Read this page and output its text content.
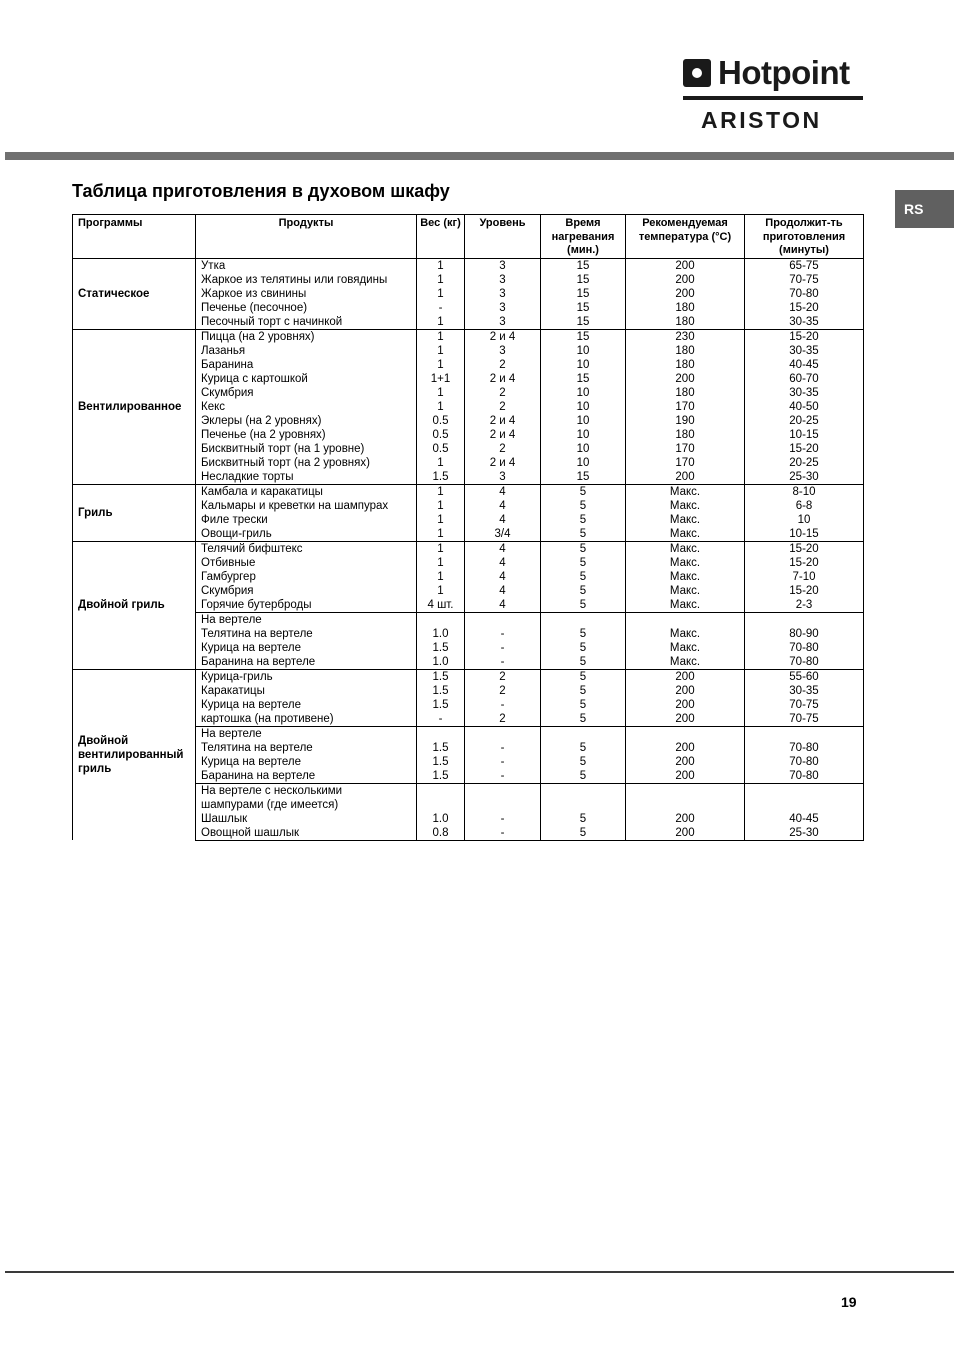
Hotpoint
ARISTON
RS
Таблица приготовления в духовом шкафу
Программы	Продукты	Вес (кг)	Уровень	Время нагревания (мин.)	Рекомендуемая температура (°C)	Продолжит-ть приготовления (минуты)
Статическое	Утка	1	3	15	200	65-75
	Жаркое из телятины или говядины	1	3	15	200	70-75
	Жаркое из свинины	1	3	15	200	70-80
	Печенье (песочное)	-	3	15	180	15-20
	Песочный торт с начинкой	1	3	15	180	30-35
Вентилированное	Пицца (на 2 уровнях)	1	2 и 4	15	230	15-20
	Лазанья	1	3	10	180	30-35
	Баранина	1	2	10	180	40-45
	Курица с картошкой	1+1	2 и 4	15	200	60-70
	Скумбрия	1	2	10	180	30-35
	Кекс	1	2	10	170	40-50
	Эклеры (на 2 уровнях)	0.5	2 и 4	10	190	20-25
	Печенье (на 2 уровнях)	0.5	2 и 4	10	180	10-15
	Бисквитный торт (на 1 уровне)	0.5	2	10	170	15-20
	Бисквитный торт (на 2 уровнях)	1	2 и 4	10	170	20-25
	Несладкие торты	1.5	3	15	200	25-30
Гриль	Камбала и каракатицы	1	4	5	Макс.	8-10
	Кальмары и креветки на шампурах	1	4	5	Макс.	6-8
	Филе трески	1	4	5	Макс.	10
	Овощи-гриль	1	3/4	5	Макс.	10-15
Двойной гриль	Телячий бифштекс	1	4	5	Макс.	15-20
	Отбивные	1	4	5	Макс.	15-20
	Гамбургер	1	4	5	Макс.	7-10
	Скумбрия	1	4	5	Макс.	15-20
	Горячие бутерброды	4 шт.	4	5	Макс.	2-3
	На вертеле					
	Телятина на вертеле	1.0	-	5	Макс.	80-90
	Курица на вертеле	1.5	-	5	Макс.	70-80
	Баранина на вертеле	1.0	-	5	Макс.	70-80
Двойной вентилированный гриль	Курица-гриль	1.5	2	5	200	55-60
	Каракатицы	1.5	2	5	200	30-35
	Курица на вертеле	1.5	-	5	200	70-75
	картошка (на противене)	-	2	5	200	70-75
	На вертеле					
	Телятина на вертеле	1.5	-	5	200	70-80
	Курица на вертеле	1.5	-	5	200	70-80
	Баранина на вертеле	1.5	-	5	200	70-80
	На вертеле с несколькими					
	шампурами (где имеется)					
	Шашлык	1.0	-	5	200	40-45
	Овощной шашлык	0.8	-	5	200	25-30
19
